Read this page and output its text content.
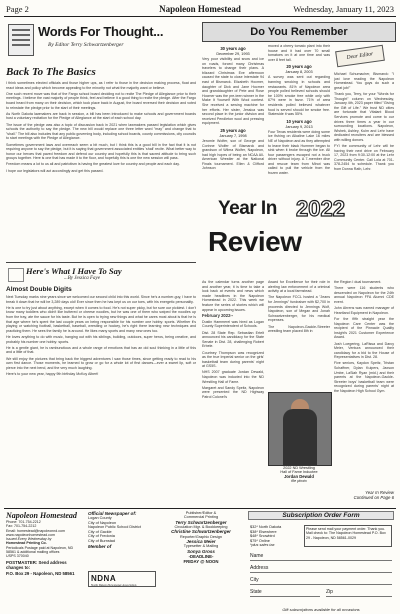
Page 2	Napoleon Homestead	Wednesday, January 11, 2023
Words For Thought...
By Editor Terry Schwartzenberger
Back To The Basics

I think sometimes elected officials and those higher ups, as I refer to those in the decision making process, float and react ideas and policy which become appealing to the minority not what the majority want or believe.

One such recent move was that of the Fargo school board deciding not to recite The Pledge of Allegiance prior to their meetings. I believe the vast majority of people think, feel and believe it a good thing to recite the pledge. After the Fargo board heard from many on their decision, which took place back in August, the board reversed their decision and voted to reinstate the pledge prior to the start of their meetings.

As North Dakota lawmakers are back in session, a bill has been introduced to make schools and government boards host a voluntary recitation for the Pledge of Allegiance at the start of each school day.

The issue of the pledge was also a topic of discussion back in 2021 when lawmakers passed legislation which gives schools the authority to say the pledge. The new bill would replace one three letter word "may" and change that to "shall." The bill also includes that any public governing body, including school boards, county commissions, city councils to start meetings with the Pledge of Allegiance.

Sometimes government laws and overreach seem a bit much, but I think this is a good bill in the fact that it is not requiring anyone to say the pledge, but it is saying that government associated entities 'shall' recite. What better way to honor our heroes that paved freedom and defend our country and hopefully this is that sacred attitude to bring such groups together. Here is one that has made it to the floor, and hopefully this is one the new session will pass.

Freedom means a lot to us all and patriotism is having the greatest love for country and people and each day.

I hope our legislators will act accordingly and get this passed.

Here's What I Have To Say
...By Jessica Faye
Almost Double Digits

Next Tuesday marks nine years since we welcomed our second child into this world. Since he's a number-guy, I have to break it down that he will be 3,289 days old! Ever since then he has kept us on our toes, with his energetic personality.

He is one to try just about anything, except when it comes to food. He's not super picky, but for sure our pickiest. I don't know many toddlers who didn't like buttered or cheese noodles, but he was one of them who swiped the noodles up from the tray, ate the sauce for his taste. But he is open to trying new things and what he cares most about is that he is that age where he's spent the last couple years on being responsible for his number one hobby: sports. Whether it's playing or watching football, basketball, baseball, wrestling or hockey, he's right there learning new techniques and practicing them. He sees the family he is around. He likes many sports and many new ones too.

He loves anything to do with music, hanging out with his siblings, building, outdoors, super heros, being creative, and probably his number one hobby: sports.

He is a gentle giant, he is rambunctious and a whole range of emotions that has an old soul thinking in a little of this and a little of that.

We still enjoy the pictures that bring back the biggest adventures I saw those times, since getting ready to read to his own first dance. Those moments, he learned to grow or go for a whole lot of first dances—ever a sweet lip, soft or pierce into the next bend, and the very much laughing.

Here's to your new year, happy 9th birthday McKoy Albert!

Do You Remember
30 years ago
December 29, 1993
Very poor visibility and snow and ice on roads, forced many Christmas travelers to change their plans. A blizzard Christmas Eve afternoon caused the state to close Interstate 94 east of Bismarck. Elizabeth Hocmer, daughter of Dick and Jane Hocmer and granddaughter of Pete and Rose Hocmer was the pre-teen winner in the Make It Yourself With Wool contest. She received a sewing machine for her efforts. Her sister, Jessica was second place in the junior division and received Pendleton wool and pressing equipment.
25 years ago
January 7, 1998
Jeromie Wolfer, son of George and Corinne Wolfer of Bismarck and grandson of Wilma Wolfer, Napoleon, had high hopes of being an NCAA All-American Wrestler at the National Finals tournament. Ellen & Clifford Johnson
moved a cherry tomato plant into their house and it had over 70 small tomatoes on it at one time and was over 8 feet tall.
20 years ago
January 8, 2003
A survey was sent out regarding banning smoking in schools and restaurants. 81% of Napoleon area people polled believed schools should be 100% smoke free while only with 67% were in favor. 71% of area residents polled believed whatever food is served should be smoke free. Statewide it was 55%.
10 years ago
January 9, 2013
Four Texas residents were doing some ice fishing on Alkaline Lake 16 miles NE of Napoleon and as they attempted to leave their black Hummer began to sink when it broke through the ice. All four passengers escaped not a truck driver without injury. A 7-member dive and rescue team from Minot was called to pull the vehicle from the frozen water.
Dear Editor

Michael Schumacher, Bismarck: "I just love reading the Napoleon Homestead. You guys do such a great job!"

Thank you, Terry, for your "Words for Thought" column on Wednesday, January 4th, 2023 paper titled "Giving the Gift of Life." We trust ND cities are fortunate that Vitalant Blood Services promote and come to our drives three times a year in our surrounding locations. Napoleon, Wishek, Ashley, Kulm and Lehr have dedicated recruiters and are blessed with willing donors.

FYI the community of Lehr will be having their next drive on February 17, 2023 from 9:30-12:00 at the Lehr Community Center. Call Lola at 701-378-2454 to schedule. Thank you from Donna Rath, Lehr.

Year In 2022
Review

As the calendar turns another page and another year, it is time to take a look back at events and news which made headlines in the Napoleon Homestead in 2022. This week we feature the series of stories which will appear in upcoming issues.

February 2022--

Dustin Hammerel was hired as Logan County Superintendent of Schools.

Dist. 28 State Rep. Sebastian Ertelt announced his candidacy for the State Senate in Dist. 28, challenging Robert Erbele.

Courtney Thompson was recognized as the true Imperial senior on the girls' basketball team during parents' night at GS5S.

NHS 2007 graduate Jordan Dewald, Napoleon was inducted into the ND Wrestling Hall of Fame.

Margaret and Sandy Speitz, Napoleon were presented the ND Highway Patrol Colonel's

Award for Excellence for their role in alerting law enforcement of a criminal activity at a local farmstead.

The Napoleon FCCL hosted a "Jeans for Jennings" fundraiser with $2,700 in proceeds directed to Jennings Wolf, Napoleon, son of Megan and Jonah Schwartzenberger, for his medical expenses.

The Napoleon-Gackle-Streeter wrestling team placed 8th in

2022 ND Wrestling
Hall of Fame Inductee
Jordan Dewald
file photo

the Region I dual tournament.

There were 116 students who descended on Napoleon for the 24th annual Napoleon FFA Alumni CDE event.

John Ahrens was named manager of Heartland Equipment in Napoleon.

For the fifth straight year the Napoleon Care Center was the recipient of the Pinnacle Quality Insight's 2021 Customer Experience Award.

Josh Loegering, LaRissa and Darcy Meier, Ventura announced their candidacy for a bid to the House of Representatives in Dist. 28.

Five seniors, Kaydon Speitz, Tristan Schaffner, Dylan Kuipers, Jaxson Umbe, LaSiah Ryan (mid.) and their parents at the Napoleon-Gackle-Streeter boys' basketball team were recognized during parents' night at the Napoleon High School Gym.

Year In Review
Continued on Page 6
Napoleon Homestead
Phone: 701-754-2212
Fax: 701-754-2212
Email: homestead@napoleonnd.com
www.napoleonhomestead.com
Issued Every Wednesday by
Homestead Printing Co.
Periodicals Postage paid at Napoleon, ND 58561 & additional mailing offices
USPS 370040
POSTMASTER: Send address changes to:
P.O. Box 29 - Napoleon, ND 58561
Official Newspaper of:
Logan County
City of Napoleon
Napoleon Public School District
City of Gackle
City of Fredonia
City of Burnstad
Member of
NDNA
North Dakota Newspaper Association
Publisher/Editor &
Commercial Printing
Terry Schwartzenberger
Circulation Mgr. & Bookkeeping
Christine Schwartzenberger
Reporter/Graphic Design
Jessica Meier
Typesetter & Mailing
Sonya Gross
-DEADLINE-
FRIDAY @ NOON
Subscription Order Form
$32* North Dakota
$38* Elsewhere
$48* Snowbird
$75* Online
*plus sales tax
Please send mail your payment order. Thank you. Mail check to: The Napoleon Homestead P.O. Box 29 - Napoleon, ND 58561-0029
Name
Address
City
State	Zip
Gift subscriptions available for all occasions
